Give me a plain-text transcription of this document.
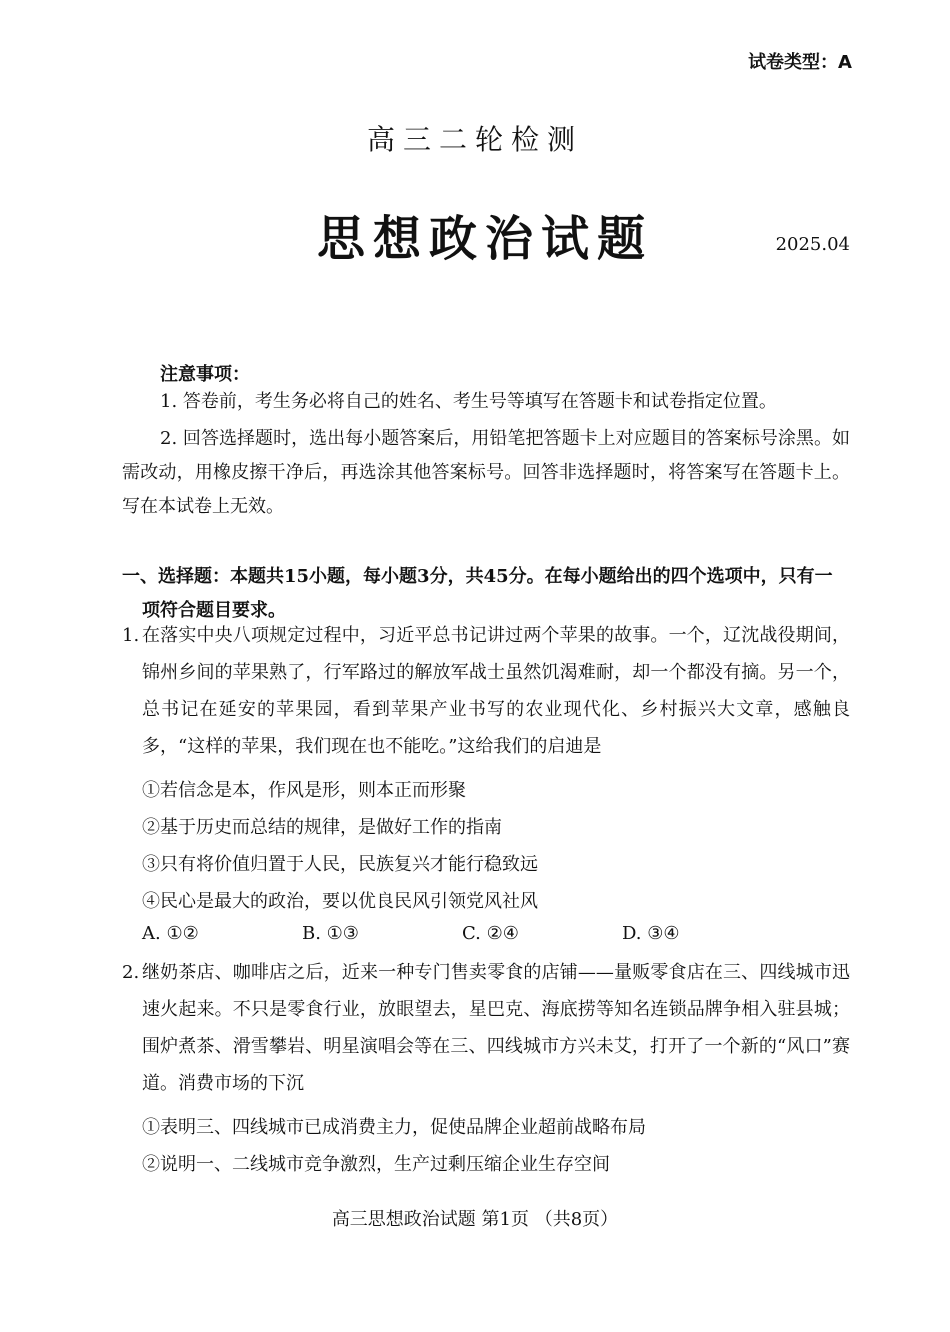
试卷类型：A
高三二轮检测
思想政治试题	2025.04
注意事项：
1. 答卷前，考生务必将自己的姓名、考生号等填写在答题卡和试卷指定位置。
2. 回答选择题时，选出每小题答案后，用铅笔把答题卡上对应题目的答案标号涂黑。如需改动，用橡皮擦干净后，再选涂其他答案标号。回答非选择题时，将答案写在答题卡上。写在本试卷上无效。
一、选择题：本题共15小题，每小题3分，共45分。在每小题给出的四个选项中，只有一
项符合题目要求。
1. 在落实中央八项规定过程中，习近平总书记讲过两个苹果的故事。一个，辽沈战役期间，锦州乡间的苹果熟了，行军路过的解放军战士虽然饥渴难耐，却一个都没有摘。另一个，总书记在延安的苹果园，看到苹果产业书写的农业现代化、乡村振兴大文章，感触良多，“这样的苹果，我们现在也不能吃。”这给我们的启迪是
①若信念是本，作风是形，则本正而形聚
②基于历史而总结的规律，是做好工作的指南
③只有将价值归置于人民，民族复兴才能行稳致远
④民心是最大的政治，要以优良民风引领党风社风
A. ①②	B. ①③	C. ②④	D. ③④
2. 继奶茶店、咖啡店之后，近来一种专门售卖零食的店铺——量贩零食店在三、四线城市迅速火起来。不只是零食行业，放眼望去，星巴克、海底捞等知名连锁品牌争相入驻县城；围炉煮茶、滑雪攀岩、明星演唱会等在三、四线城市方兴未艾，打开了一个新的“风口”赛道。消费市场的下沉
①表明三、四线城市已成消费主力，促使品牌企业超前战略布局
②说明一、二线城市竞争激烈，生产过剩压缩企业生存空间
高三思想政治试题 第1页 （共8页）
